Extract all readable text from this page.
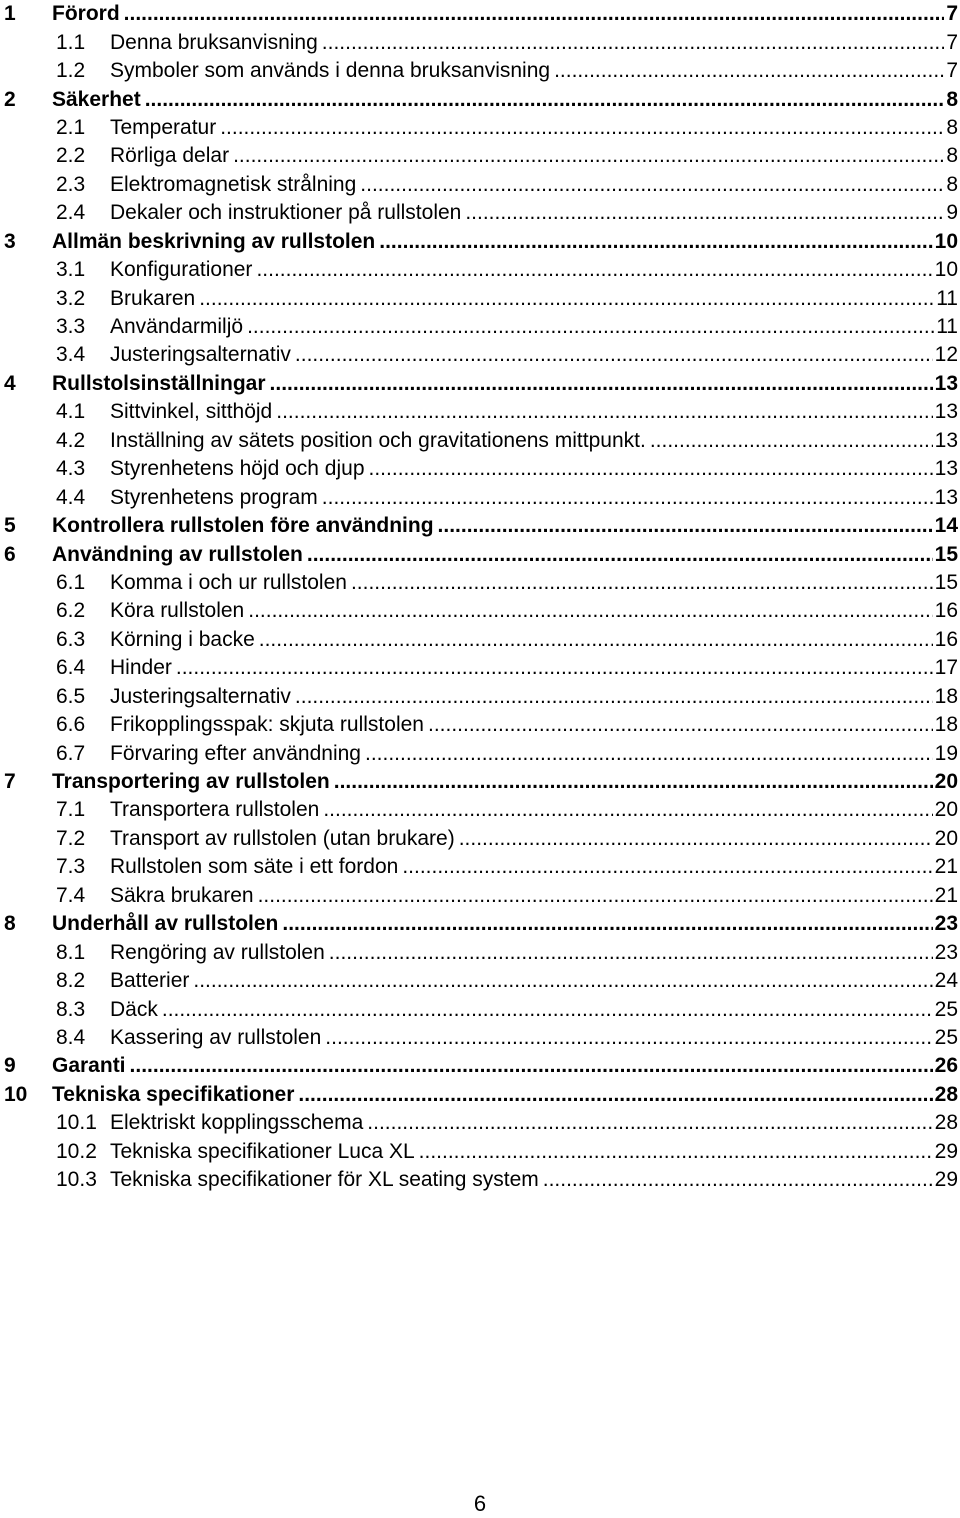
1	Förord .....	7
1.1	Denna bruksanvisning .....	7
1.2	Symboler som används i denna bruksanvisning .....	7
2	Säkerhet .....	8
2.1	Temperatur .....	8
2.2	Rörliga delar .....	8
2.3	Elektromagnetisk strålning .....	8
2.4	Dekaler och instruktioner på rullstolen .....	9
3	Allmän beskrivning av rullstolen .....	10
3.1	Konfigurationer .....	10
3.2	Brukaren .....	11
3.3	Användarmiljö .....	11
3.4	Justeringsalternativ .....	12
4	Rullstolsinställningar .....	13
4.1	Sittvinkel, sitthöjd .....	13
4.2	Inställning av sätets position och gravitationens mittpunkt. .....	13
4.3	Styrenhetens höjd och djup .....	13
4.4	Styrenhetens program .....	13
5	Kontrollera rullstolen före användning .....	14
6	Användning av rullstolen .....	15
6.1	Komma i och ur rullstolen .....	15
6.2	Köra rullstolen .....	16
6.3	Körning i backe .....	16
6.4	Hinder .....	17
6.5	Justeringsalternativ .....	18
6.6	Frikopplingsspak: skjuta rullstolen .....	18
6.7	Förvaring efter användning .....	19
7	Transportering av rullstolen .....	20
7.1	Transportera rullstolen .....	20
7.2	Transport av rullstolen (utan brukare) .....	20
7.3	Rullstolen som säte i ett fordon .....	21
7.4	Säkra brukaren .....	21
8	Underhåll av rullstolen .....	23
8.1	Rengöring av rullstolen .....	23
8.2	Batterier .....	24
8.3	Däck .....	25
8.4	Kassering av rullstolen .....	25
9	Garanti .....	26
10	Tekniska specifikationer .....	28
10.1 Elektriskt kopplingsschema .....	28
10.2 Tekniska specifikationer Luca XL .....	29
10.3 Tekniska specifikationer för XL seating system .....	29
6
